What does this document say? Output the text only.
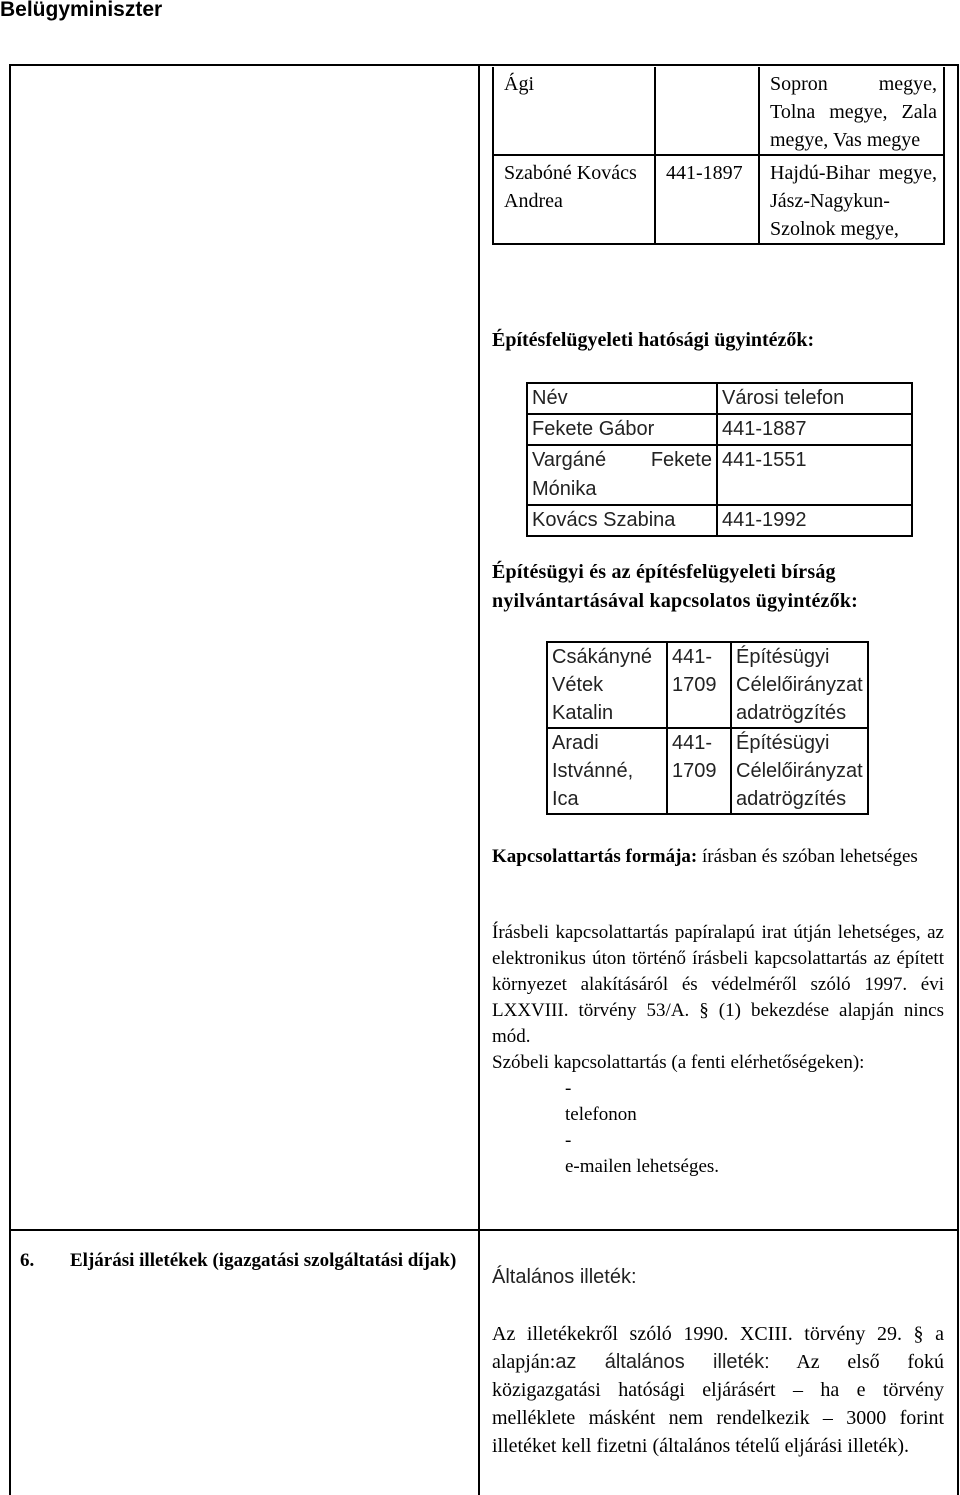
Belügyminiszter
Ági		Sopron megye, Tolna megye, Zala megye, Vas megye
Szabóné Kovács Andrea	441-1897	Hajdú-Bihar megye, Jász-Nagykun-Szolnok megye,
Építésfelügyeleti hatósági ügyintézők:
Név	Városi telefon
Fekete Gábor	441-1887
Vargáné Fekete Mónika	441-1551
Kovács Szabina	441-1992
Építésügyi és az építésfelügyeleti bírság nyilvántartásával kapcsolatos ügyintézők:
Csákányné Vétek Katalin	441-1709	Építésügyi Célelőirányzat adatrögzítés
Aradi Istvánné, Ica	441-1709	Építésügyi Célelőirányzat adatrögzítés
Kapcsolattartás formája: írásban és szóban lehetséges
Írásbeli kapcsolattartás papíralapú irat útján lehetséges, az elektronikus úton történő írásbeli kapcsolattartás az épített környezet alakításáról és védelméről szóló 1997. évi LXXVIII. törvény 53/A. § (1) bekezdése alapján nincs mód.
Szóbeli kapcsolattartás (a fenti elérhetőségeken):
-
telefonon
-
e-mailen lehetséges.
6. Eljárási illetékek (igazgatási szolgáltatási díjak)
Általános illeték:
Az illetékekről szóló 1990. XCIII. törvény 29. § a alapján:az általános illeték: Az első fokú közigazgatási hatósági eljárásért – ha e törvény melléklete másként nem rendelkezik – 3000 forint illetéket kell fizetni (általános tételű eljárási illeték).
